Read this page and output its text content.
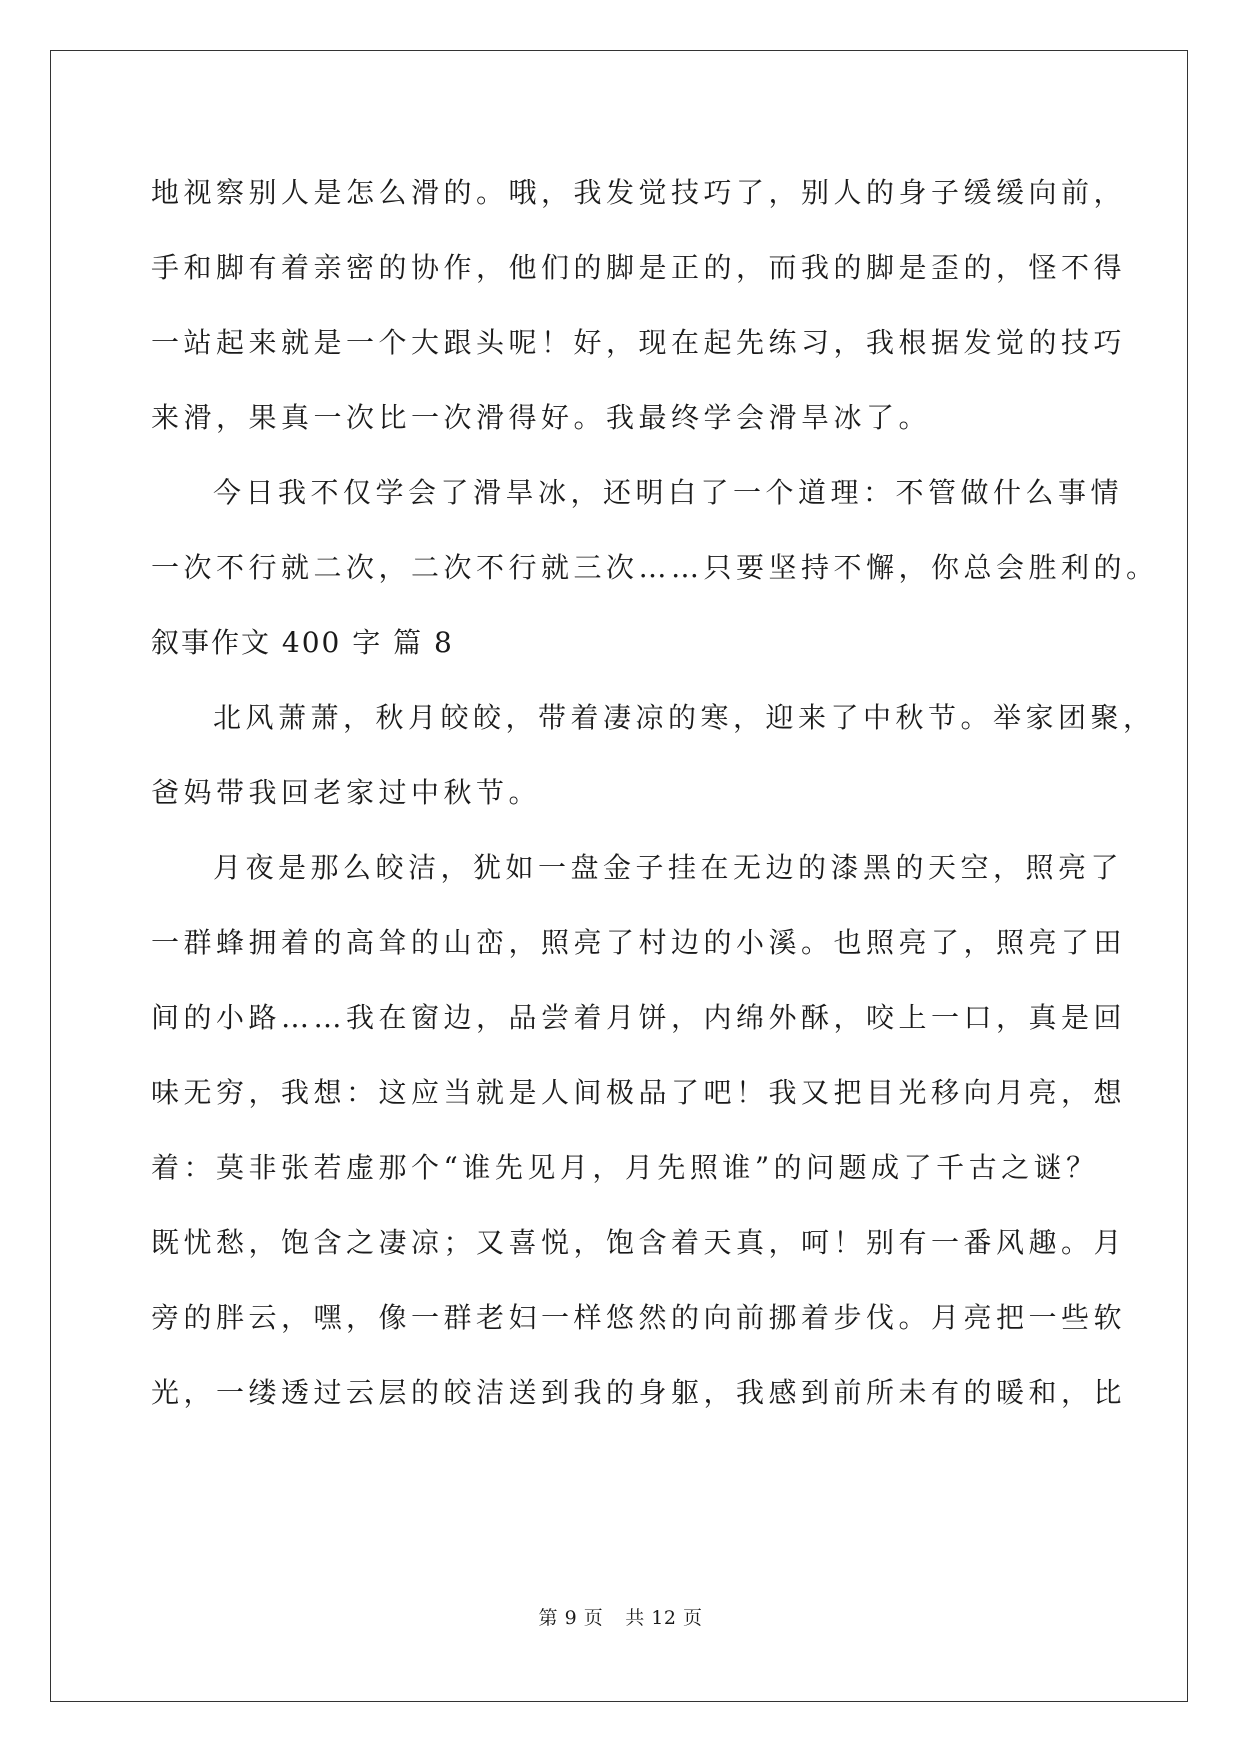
地视察别人是怎么滑的。哦，我发觉技巧了，别人的身子缓缓向前，
手和脚有着亲密的协作，他们的脚是正的，而我的脚是歪的，怪不得
一站起来就是一个大跟头呢！好，现在起先练习，我根据发觉的技巧
来滑，果真一次比一次滑得好。我最终学会滑旱冰了。
今日我不仅学会了滑旱冰，还明白了一个道理：不管做什么事情
一次不行就二次，二次不行就三次……只要坚持不懈，你总会胜利的。
叙事作文 400 字 篇 8
北风萧萧，秋月皎皎，带着凄凉的寒，迎来了中秋节。举家团聚，
爸妈带我回老家过中秋节。
月夜是那么皎洁，犹如一盘金子挂在无边的漆黑的天空，照亮了
一群蜂拥着的高耸的山峦，照亮了村边的小溪。也照亮了，照亮了田
间的小路……我在窗边，品尝着月饼，内绵外酥，咬上一口，真是回
味无穷，我想：这应当就是人间极品了吧！我又把目光移向月亮，想
着：莫非张若虚那个“谁先见月，月先照谁”的问题成了千古之谜？
既忧愁，饱含之凄凉；又喜悦，饱含着天真，呵！别有一番风趣。月
旁的胖云，嘿，像一群老妇一样悠然的向前挪着步伐。月亮把一些软
光，一缕透过云层的皎洁送到我的身躯，我感到前所未有的暖和，比
第 9 页 共 12 页
